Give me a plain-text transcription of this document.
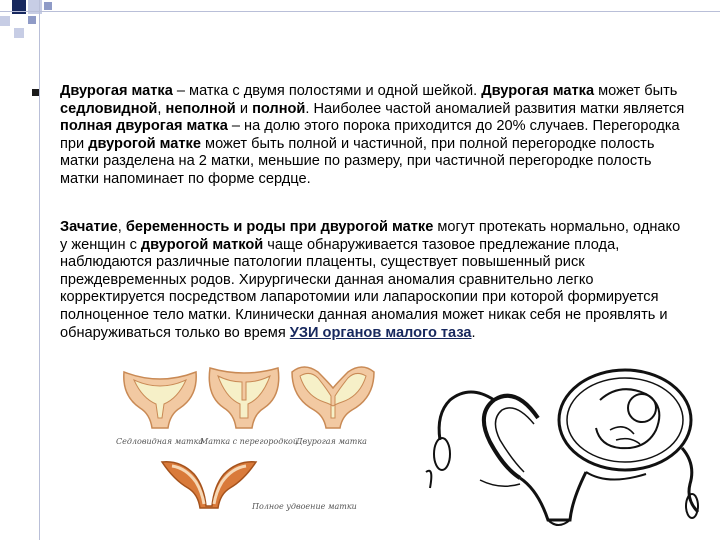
Двурогая матка – матка с двумя полостями и одной шейкой. Двурогая матка может быть седловидной, неполной и полной. Наиболее частой аномалией развития матки является полная двурогая матка – на долю этого порока приходится до 20% случаев. Перегородка при двурогой матке может быть полной и частичной, при полной перегородке полость матки разделена на 2 матки, меньшие по размеру, при частичной перегородке полость матки напоминает по форме сердце.
Зачатие, беременность и роды при двурогой матке могут протекать нормально, однако у женщин с двурогой маткой чаще обнаруживается тазовое предлежание плода, наблюдаются различные патологии плаценты, существует повышенный риск преждевременных родов. Хирургически данная аномалия сравнительно легко корректируется посредством лапаротомии или лапароскопии при которой формируется полноценное тело матки. Клинически данная аномалия может никак себя не проявлять и обнаруживаться только во время УЗИ органов малого таза.
Седловидная матка
Матка с перегородкой
Двурогая матка
Полное удвоение матки
